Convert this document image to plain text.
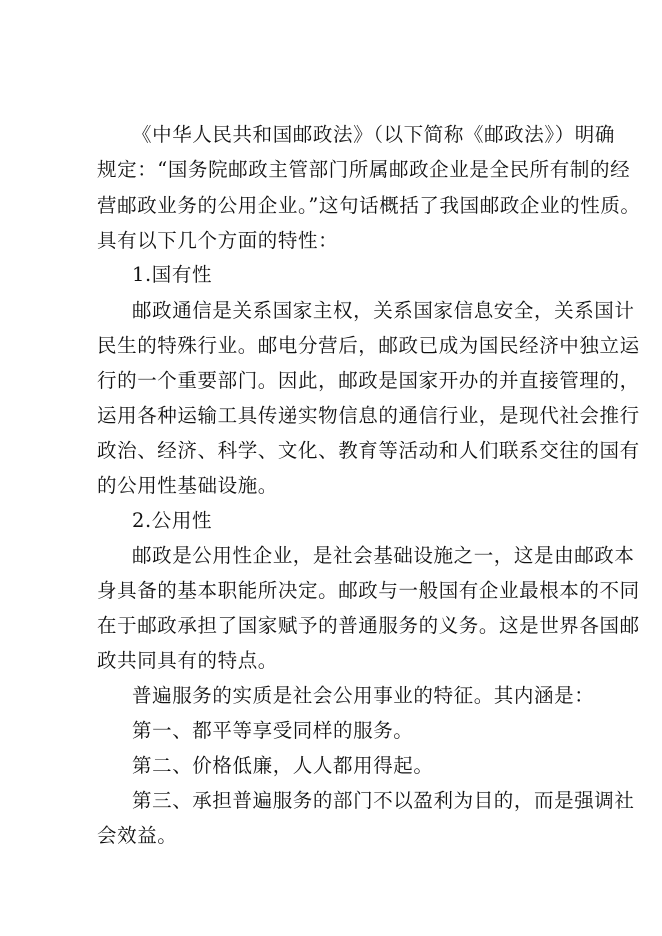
《中华人民共和国邮政法》（以下简称《邮政法》）明确
规定：“国务院邮政主管部门所属邮政企业是全民所有制的经
营邮政业务的公用企业。”这句话概括了我国邮政企业的性质。
具有以下几个方面的特性：
1.国有性
邮政通信是关系国家主权，关系国家信息安全，关系国计
民生的特殊行业。邮电分营后，邮政已成为国民经济中独立运
行的一个重要部门。因此，邮政是国家开办的并直接管理的，
运用各种运输工具传递实物信息的通信行业，是现代社会推行
政治、经济、科学、文化、教育等活动和人们联系交往的国有
的公用性基础设施。
2.公用性
邮政是公用性企业，是社会基础设施之一，这是由邮政本
身具备的基本职能所决定。邮政与一般国有企业最根本的不同
在于邮政承担了国家赋予的普通服务的义务。这是世界各国邮
政共同具有的特点。
普遍服务的实质是社会公用事业的特征。其内涵是：
第一、都平等享受同样的服务。
第二、价格低廉，人人都用得起。
第三、承担普遍服务的部门不以盈利为目的，而是强调社
会效益。
